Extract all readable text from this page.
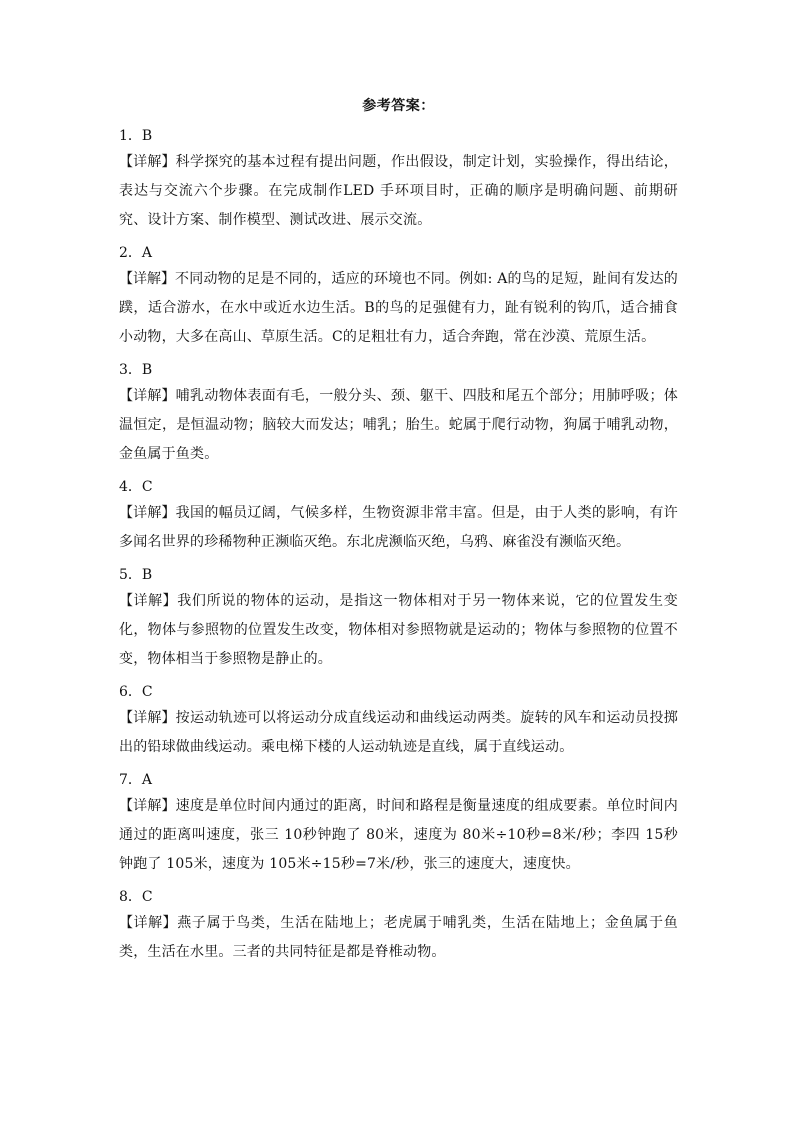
参考答案：

1．B
【详解】科学探究的基本过程有提出问题，作出假设，制定计划，实验操作，得出结论，表达与交流六个步骤。在完成制作LED 手环项目时，正确的顺序是明确问题、前期研究、设计方案、制作模型、测试改进、展示交流。
2．A
【详解】不同动物的足是不同的，适应的环境也不同。例如: A的鸟的足短，趾间有发达的蹼，适合游水，在水中或近水边生活。B的鸟的足强健有力，趾有锐利的钩爪，适合捕食小动物，大多在高山、草原生活。C的足粗壮有力，适合奔跑，常在沙漠、荒原生活。
3．B
【详解】哺乳动物体表面有毛，一般分头、颈、躯干、四肢和尾五个部分；用肺呼吸；体温恒定，是恒温动物；脑较大而发达；哺乳；胎生。蛇属于爬行动物，狗属于哺乳动物，金鱼属于鱼类。
4．C
【详解】我国的幅员辽阔，气候多样，生物资源非常丰富。但是，由于人类的影响，有许多闻名世界的珍稀物种正濒临灭绝。东北虎濒临灭绝，乌鸦、麻雀没有濒临灭绝。
5．B
【详解】我们所说的物体的运动，是指这一物体相对于另一物体来说，它的位置发生变化，物体与参照物的位置发生改变，物体相对参照物就是运动的；物体与参照物的位置不变，物体相当于参照物是静止的。
6．C
【详解】按运动轨迹可以将运动分成直线运动和曲线运动两类。旋转的风车和运动员投掷出的铅球做曲线运动。乘电梯下楼的人运动轨迹是直线，属于直线运动。
7．A
【详解】速度是单位时间内通过的距离，时间和路程是衡量速度的组成要素。单位时间内通过的距离叫速度，张三 10秒钟跑了 80米，速度为 80米÷10秒=8米/秒；李四 15秒钟跑了 105米，速度为 105米÷15秒=7米/秒，张三的速度大，速度快。
8．C
【详解】燕子属于鸟类，生活在陆地上；老虎属于哺乳类，生活在陆地上；金鱼属于鱼类，生活在水里。三者的共同特征是都是脊椎动物。
